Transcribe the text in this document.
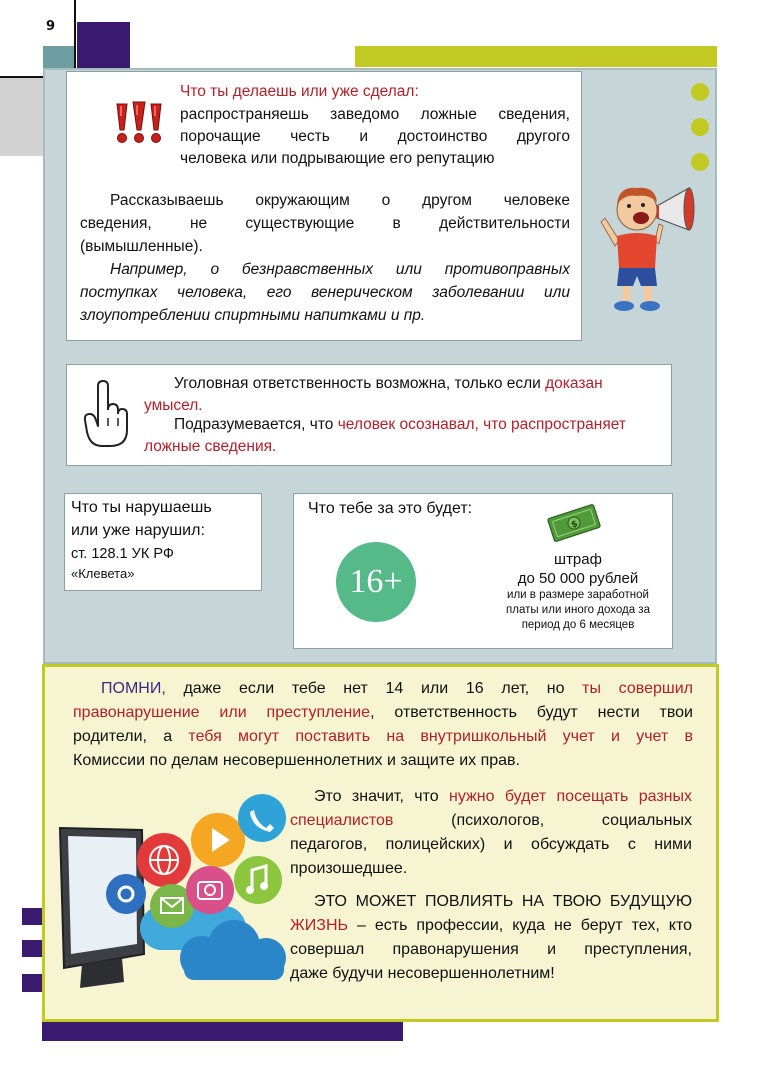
9
Что ты делаешь или уже сделал:
распространяешь заведомо ложные сведения,
порочащие честь и достоинство другого
человека или подрывающие его репутацию
Рассказываешь окружающим о другом человеке
сведения, не существующие в действительности
(вымышленные).
Например, о безнравственных или противоправных
поступках человека, его венерическом заболевании или
злоупотреблении спиртными напитками и пр.
Уголовная ответственность возможна, только если доказан
умысел.
Подразумевается, что человек осознавал, что распространяет
ложные сведения.
Что ты нарушаешь
или уже нарушил:
ст. 128.1 УК РФ
«Клевета»
Что тебе за это будет:
$
16+
штраф
до 50 000 рублей
или в размере заработной
платы или иного дохода за
период до 6 месяцев
ПОМНИ, даже если тебе нет 14 или 16 лет, но ты совершил
правонарушение или преступление, ответственность будут нести твои
родители, а тебя могут поставить на внутришкольный учет и учет в
Комиссии по делам несовершеннолетних и защите их прав.
Это значит, что нужно будет посещать разных
специалистов	(психологов, социальных
педагогов, полицейских) и обсуждать с ними
произошедшее.
ЭТО МОЖЕТ ПОВЛИЯТЬ НА ТВОЮ БУДУЩУЮ
ЖИЗНЬ – есть профессии, куда не берут тех, кто
совершал правонарушения и преступления,
даже будучи несовершеннолетним!
